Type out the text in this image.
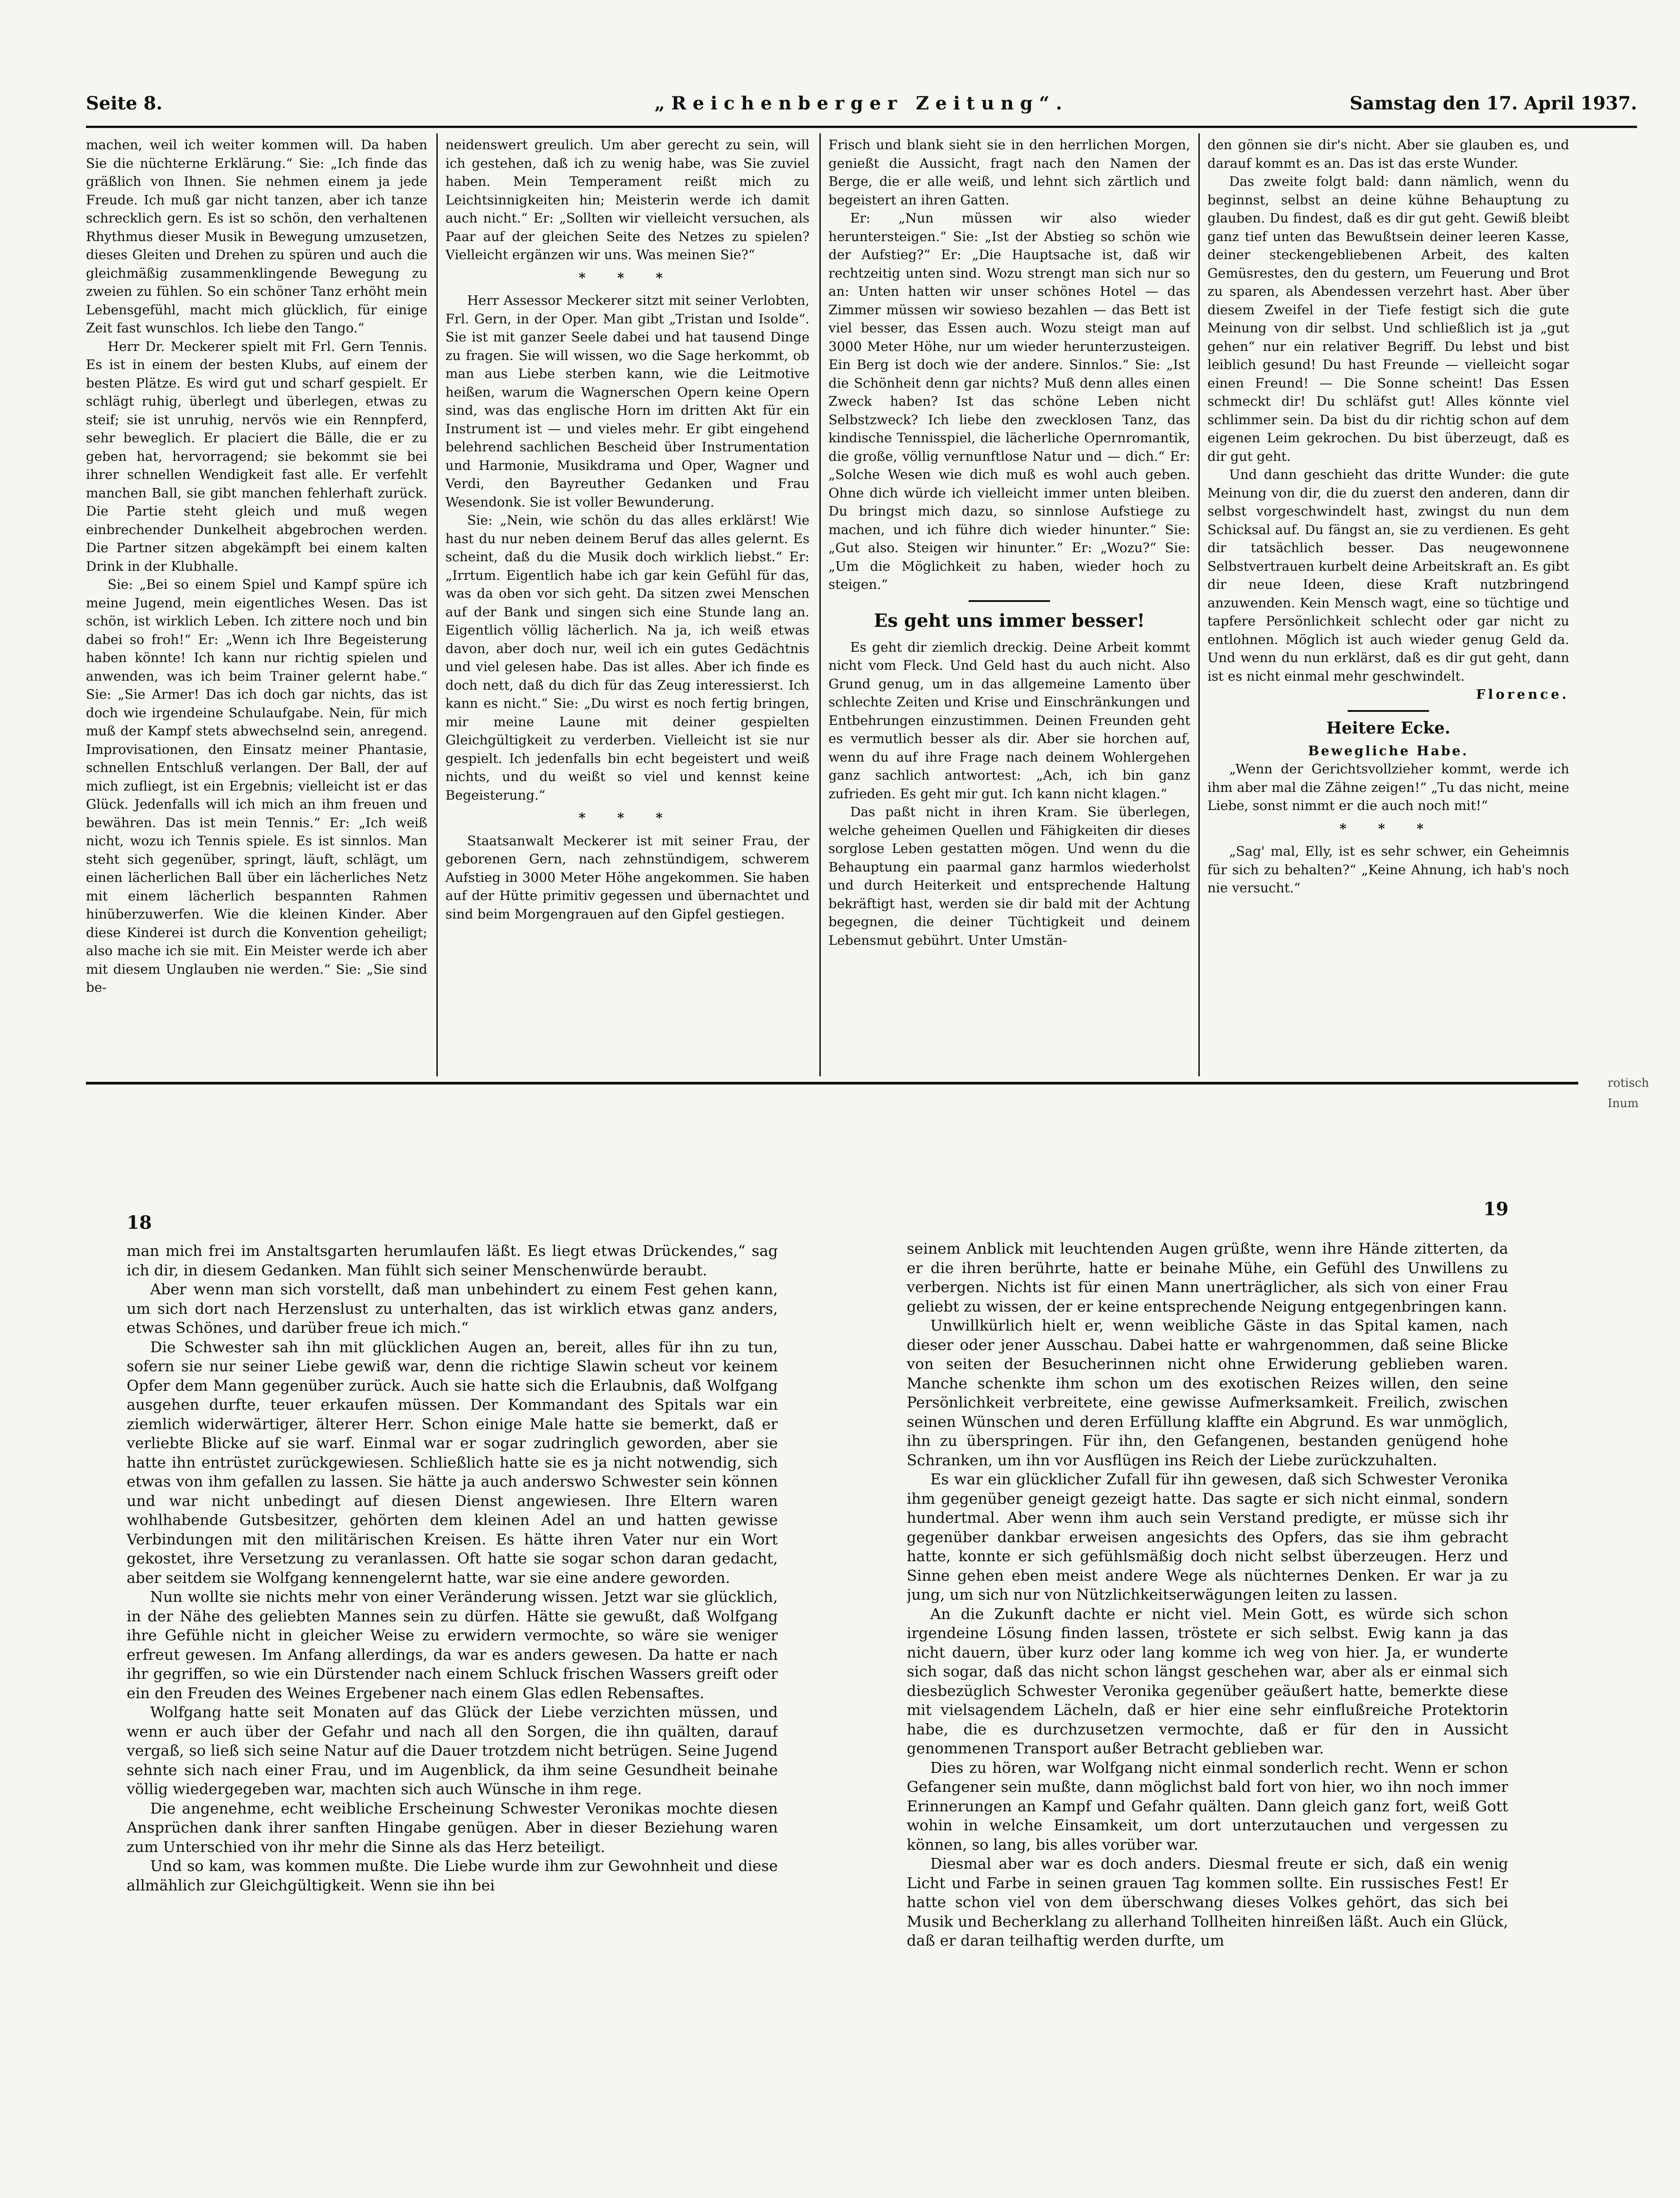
Seite 8.	„Reichenberger Zeitung“.	Samstag den 17. April 1937.

machen, weil ich weiter kommen will. Da haben Sie die nüchterne Erklärung.“ Sie: „Ich finde das gräßlich von Ihnen. Sie nehmen einem ja jede Freude. Ich muß gar nicht tanzen, aber ich tanze schrecklich gern. Es ist so schön, den verhaltenen Rhythmus dieser Musik in Bewegung umzusetzen, dieses Gleiten und Drehen zu spüren und auch die gleichmäßig zusammenklingende Bewegung zu zweien zu fühlen. So ein schöner Tanz erhöht mein Lebensgefühl, macht mich glücklich, für einige Zeit fast wunschlos. Ich liebe den Tango.“

Herr Dr. Meckerer spielt mit Frl. Gern Tennis. Es ist in einem der besten Klubs, auf einem der besten Plätze. Es wird gut und scharf gespielt. Er schlägt ruhig, überlegt und überlegen, etwas zu steif; sie ist unruhig, nervös wie ein Rennpferd, sehr beweglich. Er placiert die Bälle, die er zu geben hat, hervorragend; sie bekommt sie bei ihrer schnellen Wendigkeit fast alle. Er verfehlt manchen Ball, sie gibt manchen fehlerhaft zurück. Die Partie steht gleich und muß wegen einbrechender Dunkelheit abgebrochen werden. Die Partner sitzen abgekämpft bei einem kalten Drink in der Klubhalle.

Sie: „Bei so einem Spiel und Kampf spüre ich meine Jugend, mein eigentliches Wesen. Das ist schön, ist wirklich Leben. Ich zittere noch und bin dabei so froh!“ Er: „Wenn ich Ihre Begeisterung haben könnte! Ich kann nur richtig spielen und anwenden, was ich beim Trainer gelernt habe.“ Sie: „Sie Armer! Das ich doch gar nichts, das ist doch wie irgendeine Schulaufgabe. Nein, für mich muß der Kampf stets abwechselnd sein, anregend. Improvisationen, den Einsatz meiner Phantasie, schnellen Entschluß verlangen. Der Ball, der auf mich zufliegt, ist ein Ergebnis; vielleicht ist er das Glück. Jedenfalls will ich mich an ihm freuen und bewähren. Das ist mein Tennis.“ Er: „Ich weiß nicht, wozu ich Tennis spiele. Es ist sinnlos. Man steht sich gegenüber, springt, läuft, schlägt, um einen lächerlichen Ball über ein lächerliches Netz mit einem lächerlich bespannten Rahmen hinüberzuwerfen. Wie die kleinen Kinder. Aber diese Kinderei ist durch die Konvention geheiligt; also mache ich sie mit. Ein Meister werde ich aber mit diesem Unglauben nie werden.“ Sie: „Sie sind be-

neidenswert greulich. Um aber gerecht zu sein, will ich gestehen, daß ich zu wenig habe, was Sie zuviel haben. Mein Temperament reißt mich zu Leichtsinnigkeiten hin; Meisterin werde ich damit auch nicht.“ Er: „Sollten wir vielleicht versuchen, als Paar auf der gleichen Seite des Netzes zu spielen? Vielleicht ergänzen wir uns. Was meinen Sie?“

* * *

Herr Assessor Meckerer sitzt mit seiner Verlobten, Frl. Gern, in der Oper. Man gibt „Tristan und Isolde“. Sie ist mit ganzer Seele dabei und hat tausend Dinge zu fragen. Sie will wissen, wo die Sage herkommt, ob man aus Liebe sterben kann, wie die Leitmotive heißen, warum die Wagnerschen Opern keine Opern sind, was das englische Horn im dritten Akt für ein Instrument ist — und vieles mehr. Er gibt eingehend belehrend sachlichen Bescheid über Instrumentation und Harmonie, Musikdrama und Oper, Wagner und Verdi, den Bayreuther Gedanken und Frau Wesendonk. Sie ist voller Bewunderung.

Sie: „Nein, wie schön du das alles erklärst! Wie hast du nur neben deinem Beruf das alles gelernt. Es scheint, daß du die Musik doch wirklich liebst.“ Er: „Irrtum. Eigentlich habe ich gar kein Gefühl für das, was da oben vor sich geht. Da sitzen zwei Menschen auf der Bank und singen sich eine Stunde lang an. Eigentlich völlig lächerlich. Na ja, ich weiß etwas davon, aber doch nur, weil ich ein gutes Gedächtnis und viel gelesen habe. Das ist alles. Aber ich finde es doch nett, daß du dich für das Zeug interessierst. Ich kann es nicht.“ Sie: „Du wirst es noch fertig bringen, mir meine Laune mit deiner gespielten Gleichgültigkeit zu verderben. Vielleicht ist sie nur gespielt. Ich jedenfalls bin echt begeistert und weiß nichts, und du weißt so viel und kennst keine Begeisterung.“

* * *

Staatsanwalt Meckerer ist mit seiner Frau, der geborenen Gern, nach zehnstündigem, schwerem Aufstieg in 3000 Meter Höhe angekommen. Sie haben auf der Hütte primitiv gegessen und übernachtet und sind beim Morgengrauen auf den Gipfel gestiegen.

Frisch und blank sieht sie in den herrlichen Morgen, genießt die Aussicht, fragt nach den Namen der Berge, die er alle weiß, und lehnt sich zärtlich und begeistert an ihren Gatten.

Er: „Nun müssen wir also wieder heruntersteigen.“ Sie: „Ist der Abstieg so schön wie der Aufstieg?“ Er: „Die Hauptsache ist, daß wir rechtzeitig unten sind. Wozu strengt man sich nur so an: Unten hatten wir unser schönes Hotel — das Zimmer müssen wir sowieso bezahlen — das Bett ist viel besser, das Essen auch. Wozu steigt man auf 3000 Meter Höhe, nur um wieder herunterzusteigen. Ein Berg ist doch wie der andere. Sinnlos.“ Sie: „Ist die Schönheit denn gar nichts? Muß denn alles einen Zweck haben? Ist das schöne Leben nicht Selbstzweck? Ich liebe den zwecklosen Tanz, das kindische Tennisspiel, die lächerliche Opernromantik, die große, völlig vernunftlose Natur und — dich.“ Er: „Solche Wesen wie dich muß es wohl auch geben. Ohne dich würde ich vielleicht immer unten bleiben. Du bringst mich dazu, so sinnlose Aufstiege zu machen, und ich führe dich wieder hinunter.“ Sie: „Gut also. Steigen wir hinunter.“ Er: „Wozu?“ Sie: „Um die Möglichkeit zu haben, wieder hoch zu steigen.“

Es geht uns immer besser!

Es geht dir ziemlich dreckig. Deine Arbeit kommt nicht vom Fleck. Und Geld hast du auch nicht. Also Grund genug, um in das allgemeine Lamento über schlechte Zeiten und Krise und Einschränkungen und Entbehrungen einzustimmen. Deinen Freunden geht es vermutlich besser als dir. Aber sie horchen auf, wenn du auf ihre Frage nach deinem Wohlergehen ganz sachlich antwortest: „Ach, ich bin ganz zufrieden. Es geht mir gut. Ich kann nicht klagen.“

Das paßt nicht in ihren Kram. Sie überlegen, welche geheimen Quellen und Fähigkeiten dir dieses sorglose Leben gestatten mögen. Und wenn du die Behauptung ein paarmal ganz harmlos wiederholst und durch Heiterkeit und entsprechende Haltung bekräftigt hast, werden sie dir bald mit der Achtung begegnen, die deiner Tüchtigkeit und deinem Lebensmut gebührt. Unter Umstän-

den gönnen sie dir's nicht. Aber sie glauben es, und darauf kommt es an. Das ist das erste Wunder.

Das zweite folgt bald: dann nämlich, wenn du beginnst, selbst an deine kühne Behauptung zu glauben. Du findest, daß es dir gut geht. Gewiß bleibt ganz tief unten das Bewußtsein deiner leeren Kasse, deiner steckengebliebenen Arbeit, des kalten Gemüsrestes, den du gestern, um Feuerung und Brot zu sparen, als Abendessen verzehrt hast. Aber über diesem Zweifel in der Tiefe festigt sich die gute Meinung von dir selbst. Und schließlich ist ja „gut gehen“ nur ein relativer Begriff. Du lebst und bist leiblich gesund! Du hast Freunde — vielleicht sogar einen Freund! — Die Sonne scheint! Das Essen schmeckt dir! Du schläfst gut! Alles könnte viel schlimmer sein. Da bist du dir richtig schon auf dem eigenen Leim gekrochen. Du bist überzeugt, daß es dir gut geht.

Und dann geschieht das dritte Wunder: die gute Meinung von dir, die du zuerst den anderen, dann dir selbst vorgeschwindelt hast, zwingst du nun dem Schicksal auf. Du fängst an, sie zu verdienen. Es geht dir tatsächlich besser. Das neugewonnene Selbstvertrauen kurbelt deine Arbeitskraft an. Es gibt dir neue Ideen, diese Kraft nutzbringend anzuwenden. Kein Mensch wagt, eine so tüchtige und tapfere Persönlichkeit schlecht oder gar nicht zu entlohnen. Möglich ist auch wieder genug Geld da. Und wenn du nun erklärst, daß es dir gut geht, dann ist es nicht einmal mehr geschwindelt.

Florence.

Heitere Ecke.

Bewegliche Habe.

„Wenn der Gerichtsvollzieher kommt, werde ich ihm aber mal die Zähne zeigen!“ „Tu das nicht, meine Liebe, sonst nimmt er die auch noch mit!“

* * *

„Sag' mal, Elly, ist es sehr schwer, ein Geheimnis für sich zu behalten?“ „Keine Ahnung, ich hab's noch nie versucht.“

rotisch
Inum
18
19

man mich frei im Anstaltsgarten herumlaufen läßt. Es liegt etwas Drückendes,“ sag ich dir, in diesem Gedanken. Man fühlt sich seiner Menschenwürde beraubt.

Aber wenn man sich vorstellt, daß man unbehindert zu einem Fest gehen kann, um sich dort nach Herzenslust zu unterhalten, das ist wirklich etwas ganz anders, etwas Schönes, und darüber freue ich mich.“

Die Schwester sah ihn mit glücklichen Augen an, bereit, alles für ihn zu tun, sofern sie nur seiner Liebe gewiß war, denn die richtige Slawin scheut vor keinem Opfer dem Mann gegenüber zurück. Auch sie hatte sich die Erlaubnis, daß Wolfgang ausgehen durfte, teuer erkaufen müssen. Der Kommandant des Spitals war ein ziemlich widerwärtiger, älterer Herr. Schon einige Male hatte sie bemerkt, daß er verliebte Blicke auf sie warf. Einmal war er sogar zudringlich geworden, aber sie hatte ihn entrüstet zurückgewiesen. Schließlich hatte sie es ja nicht notwendig, sich etwas von ihm gefallen zu lassen. Sie hätte ja auch anderswo Schwester sein können und war nicht unbedingt auf diesen Dienst angewiesen. Ihre Eltern waren wohlhabende Gutsbesitzer, gehörten dem kleinen Adel an und hatten gewisse Verbindungen mit den militärischen Kreisen. Es hätte ihren Vater nur ein Wort gekostet, ihre Versetzung zu veranlassen. Oft hatte sie sogar schon daran gedacht, aber seitdem sie Wolfgang kennengelernt hatte, war sie eine andere geworden.

Nun wollte sie nichts mehr von einer Veränderung wissen. Jetzt war sie glücklich, in der Nähe des geliebten Mannes sein zu dürfen. Hätte sie gewußt, daß Wolfgang ihre Gefühle nicht in gleicher Weise zu erwidern vermochte, so wäre sie weniger erfreut gewesen. Im Anfang allerdings, da war es anders gewesen. Da hatte er nach ihr gegriffen, so wie ein Dürstender nach einem Schluck frischen Wassers greift oder ein den Freuden des Weines Ergebener nach einem Glas edlen Rebensaftes.

Wolfgang hatte seit Monaten auf das Glück der Liebe verzichten müssen, und wenn er auch über der Gefahr und nach all den Sorgen, die ihn quälten, darauf vergaß, so ließ sich seine Natur auf die Dauer trotzdem nicht betrügen. Seine Jugend sehnte sich nach einer Frau, und im Augenblick, da ihm seine Gesundheit beinahe völlig wiedergegeben war, machten sich auch Wünsche in ihm rege.

Die angenehme, echt weibliche Erscheinung Schwester Veronikas mochte diesen Ansprüchen dank ihrer sanften Hingabe genügen. Aber in dieser Beziehung waren zum Unterschied von ihr mehr die Sinne als das Herz beteiligt.

Und so kam, was kommen mußte. Die Liebe wurde ihm zur Gewohnheit und diese allmählich zur Gleichgültigkeit. Wenn sie ihn bei

seinem Anblick mit leuchtenden Augen grüßte, wenn ihre Hände zitterten, da er die ihren berührte, hatte er beinahe Mühe, ein Gefühl des Unwillens zu verbergen. Nichts ist für einen Mann unerträglicher, als sich von einer Frau geliebt zu wissen, der er keine entsprechende Neigung entgegenbringen kann.

Unwillkürlich hielt er, wenn weibliche Gäste in das Spital kamen, nach dieser oder jener Ausschau. Dabei hatte er wahrgenommen, daß seine Blicke von seiten der Besucherinnen nicht ohne Erwiderung geblieben waren. Manche schenkte ihm schon um des exotischen Reizes willen, den seine Persönlichkeit verbreitete, eine gewisse Aufmerksamkeit. Freilich, zwischen seinen Wünschen und deren Erfüllung klaffte ein Abgrund. Es war unmöglich, ihn zu überspringen. Für ihn, den Gefangenen, bestanden genügend hohe Schranken, um ihn vor Ausflügen ins Reich der Liebe zurückzuhalten.

Es war ein glücklicher Zufall für ihn gewesen, daß sich Schwester Veronika ihm gegenüber geneigt gezeigt hatte. Das sagte er sich nicht einmal, sondern hundertmal. Aber wenn ihm auch sein Verstand predigte, er müsse sich ihr gegenüber dankbar erweisen angesichts des Opfers, das sie ihm gebracht hatte, konnte er sich gefühlsmäßig doch nicht selbst überzeugen. Herz und Sinne gehen eben meist andere Wege als nüchternes Denken. Er war ja zu jung, um sich nur von Nützlichkeitserwägungen leiten zu lassen.

An die Zukunft dachte er nicht viel. Mein Gott, es würde sich schon irgendeine Lösung finden lassen, tröstete er sich selbst. Ewig kann ja das nicht dauern, über kurz oder lang komme ich weg von hier. Ja, er wunderte sich sogar, daß das nicht schon längst geschehen war, aber als er einmal sich diesbezüglich Schwester Veronika gegenüber geäußert hatte, bemerkte diese mit vielsagendem Lächeln, daß er hier eine sehr einflußreiche Protektorin habe, die es durchzusetzen vermochte, daß er für den in Aussicht genommenen Transport außer Betracht geblieben war.

Dies zu hören, war Wolfgang nicht einmal sonderlich recht. Wenn er schon Gefangener sein mußte, dann möglichst bald fort von hier, wo ihn noch immer Erinnerungen an Kampf und Gefahr quälten. Dann gleich ganz fort, weiß Gott wohin in welche Einsamkeit, um dort unterzutauchen und vergessen zu können, so lang, bis alles vorüber war.

Diesmal aber war es doch anders. Diesmal freute er sich, daß ein wenig Licht und Farbe in seinen grauen Tag kommen sollte. Ein russisches Fest! Er hatte schon viel von dem überschwang dieses Volkes gehört, das sich bei Musik und Becherklang zu allerhand Tollheiten hinreißen läßt. Auch ein Glück, daß er daran teilhaftig werden durfte, um
